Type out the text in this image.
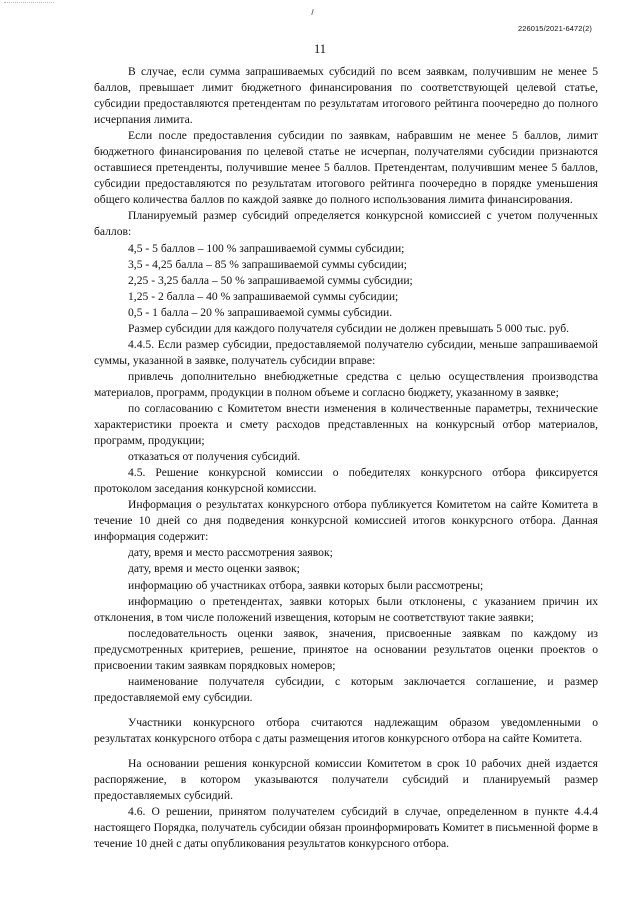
226015/2021-6472(2)
11

В случае, если сумма запрашиваемых субсидий по всем заявкам, получившим не менее 5 баллов, превышает лимит бюджетного финансирования по соответствующей целевой статье, субсидии предоставляются претендентам по результатам итогового рейтинга поочередно до полного исчерпания лимита.

Если после предоставления субсидии по заявкам, набравшим не менее 5 баллов, лимит бюджетного финансирования по целевой статье не исчерпан, получателями субсидии признаются оставшиеся претенденты, получившие менее 5 баллов. Претендентам, получившим менее 5 баллов, субсидии предоставляются по результатам итогового рейтинга поочередно в порядке уменьшения общего количества баллов по каждой заявке до полного использования лимита финансирования.

Планируемый размер субсидий определяется конкурсной комиссией с учетом полученных баллов:

4,5 - 5 баллов – 100 % запрашиваемой суммы субсидии;

3,5 - 4,25 балла – 85 % запрашиваемой суммы субсидии;

2,25 - 3,25 балла – 50 % запрашиваемой суммы субсидии;

1,25 - 2 балла – 40 % запрашиваемой суммы субсидии;

0,5 - 1 балла – 20 % запрашиваемой суммы субсидии.

Размер субсидии для каждого получателя субсидии не должен превышать 5 000 тыс. руб.

4.4.5. Если размер субсидии, предоставляемой получателю субсидии, меньше запрашиваемой суммы, указанной в заявке, получатель субсидии вправе:

привлечь дополнительно внебюджетные средства с целью осуществления производства материалов, программ, продукции в полном объеме и согласно бюджету, указанному в заявке;

по согласованию с Комитетом внести изменения в количественные параметры, технические характеристики проекта и смету расходов представленных на конкурсный отбор материалов, программ, продукции;

отказаться от получения субсидий.

4.5. Решение конкурсной комиссии о победителях конкурсного отбора фиксируется протоколом заседания конкурсной комиссии.

Информация о результатах конкурсного отбора публикуется Комитетом на сайте Комитета в течение 10 дней со дня подведения конкурсной комиссией итогов конкурсного отбора. Данная информация содержит:

дату, время и место рассмотрения заявок;

дату, время и место оценки заявок;

информацию об участниках отбора, заявки которых были рассмотрены;

информацию о претендентах, заявки которых были отклонены, с указанием причин их отклонения, в том числе положений извещения, которым не соответствуют такие заявки;

последовательность оценки заявок, значения, присвоенные заявкам по каждому из предусмотренных критериев, решение, принятое на основании результатов оценки проектов о присвоении таким заявкам порядковых номеров;

наименование получателя субсидии, с которым заключается соглашение, и размер предоставляемой ему субсидии.

Участники конкурсного отбора считаются надлежащим образом уведомленными о результатах конкурсного отбора с даты размещения итогов конкурсного отбора на сайте Комитета.

На основании решения конкурсной комиссии Комитетом в срок 10 рабочих дней издается распоряжение, в котором указываются получатели субсидий и планируемый размер предоставляемых субсидий.

4.6. О решении, принятом получателем субсидий в случае, определенном в пункте 4.4.4 настоящего Порядка, получатель субсидии обязан проинформировать Комитет в письменной форме в течение 10 дней с даты опубликования результатов конкурсного отбора.
